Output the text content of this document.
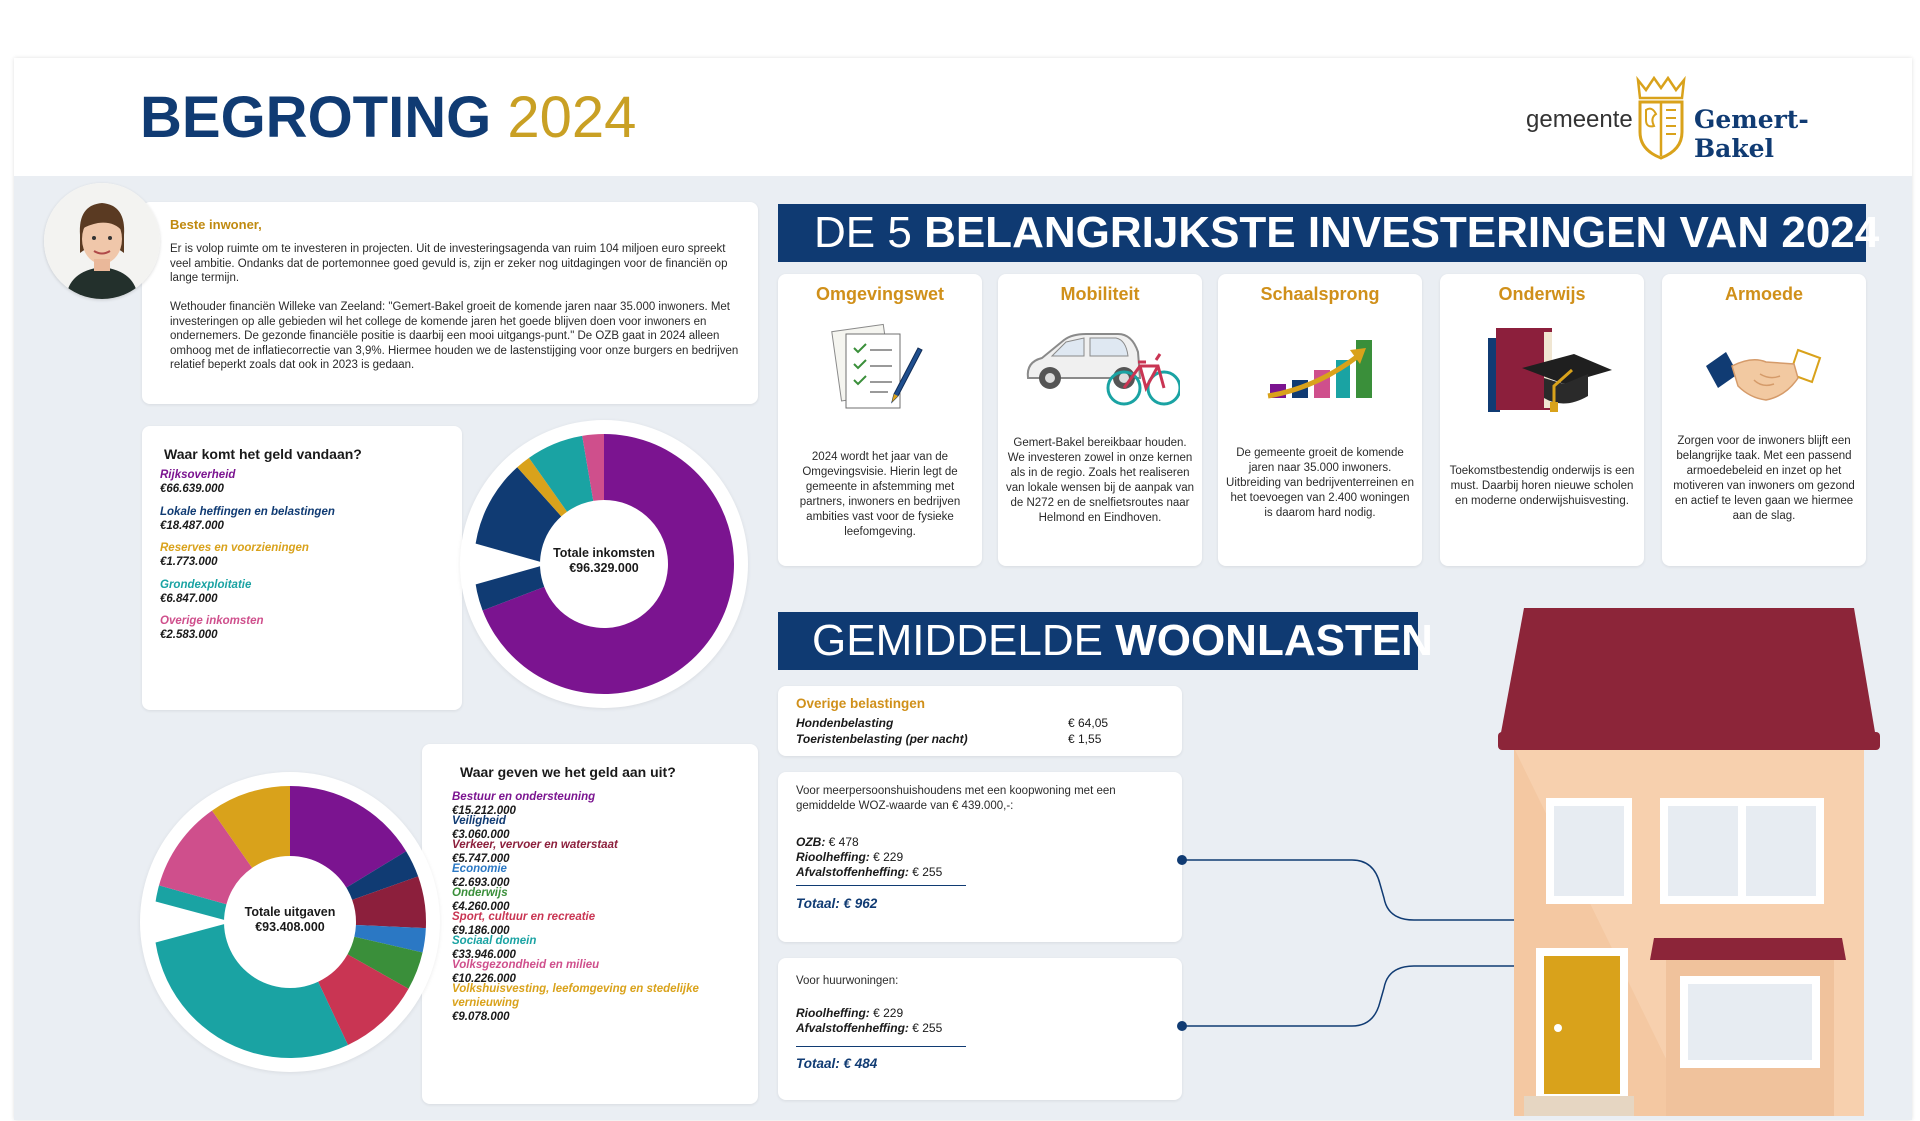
BEGROTING 2024	gemeente Gemert-Bakel
Beste inwoner,

Er is volop ruimte om te investeren in projecten. Uit de investeringsagenda van ruim 104 miljoen euro spreekt veel ambitie. Ondanks dat de portemonnee goed gevuld is, zijn er zeker nog uitdagingen voor de financiën op lange termijn.

Wethouder financiën Willeke van Zeeland: "Gemert-Bakel groeit de komende jaren naar 35.000 inwoners. Met investeringen op alle gebieden wil het college de komende jaren het goede blijven doen voor inwoners en ondernemers. De gezonde financiële positie is daarbij een mooi uitgangs-punt." De OZB gaat in 2024 alleen omhoog met de inflatiecorrectie van 3,9%. Hiermee houden we de lastenstijging voor onze burgers en bedrijven relatief beperkt zoals dat ook in 2023 is gedaan.

DE 5 BELANGRIJKSTE INVESTERINGEN VAN 2024
Omgevingswet
2024 wordt het jaar van de Omgevingsvisie. Hierin legt de gemeente in afstemming met partners, inwoners en bedrijven ambities vast voor de fysieke leefomgeving.
Mobiliteit
Gemert-Bakel bereikbaar houden. We investeren zowel in onze kernen als in de regio. Zoals het realiseren van lokale wensen bij de aanpak van de N272 en de snelfietsroutes naar Helmond en Eindhoven.
Schaalsprong
De gemeente groeit de komende jaren naar 35.000 inwoners. Uitbreiding van bedrijventerreinen en het toevoegen van 2.400 woningen is daarom hard nodig.
Onderwijs
Toekomstbestendig onderwijs is een must. Daarbij horen nieuwe scholen en moderne onderwijshuisvesting.
Armoede
Zorgen voor de inwoners blijft een belangrijke taak. Met een passend armoedebeleid en inzet op het motiveren van inwoners om gezond en actief te leven gaan we hiermee aan de slag.
Waar komt het geld vandaan?
Rijksoverheid
€66.639.000
Lokale heffingen en belastingen
€18.487.000
Reserves en voorzieningen
€1.773.000
Grondexploitatie
€6.847.000
Overige inkomsten
€2.583.000
Totale inkomsten
€96.329.000
Waar geven we het geld aan uit?
Bestuur en ondersteuning
€15.212.000
Veiligheid
€3.060.000
Verkeer, vervoer en waterstaat
€5.747.000
Economie
€2.693.000
Onderwijs
€4.260.000
Sport, cultuur en recreatie
€9.186.000
Sociaal domein
€33.946.000
Volksgezondheid en milieu
€10.226.000
Volkshuisvesting, leefomgeving en stedelijke vernieuwing
€9.078.000
Totale uitgaven
€93.408.000
GEMIDDELDE WOONLASTEN
Overige belastingen
Hondenbelasting	€ 64,05
Toeristenbelasting (per nacht)	€ 1,55
Voor meerpersoonshuishoudens met een koopwoning met een gemiddelde WOZ-waarde van € 439.000,-:
OZB: € 478
Rioolheffing: € 229
Afvalstoffenheffing: € 255
Totaal: € 962
Voor huurwoningen:
Rioolheffing: € 229
Afvalstoffenheffing: € 255
Totaal: € 484
